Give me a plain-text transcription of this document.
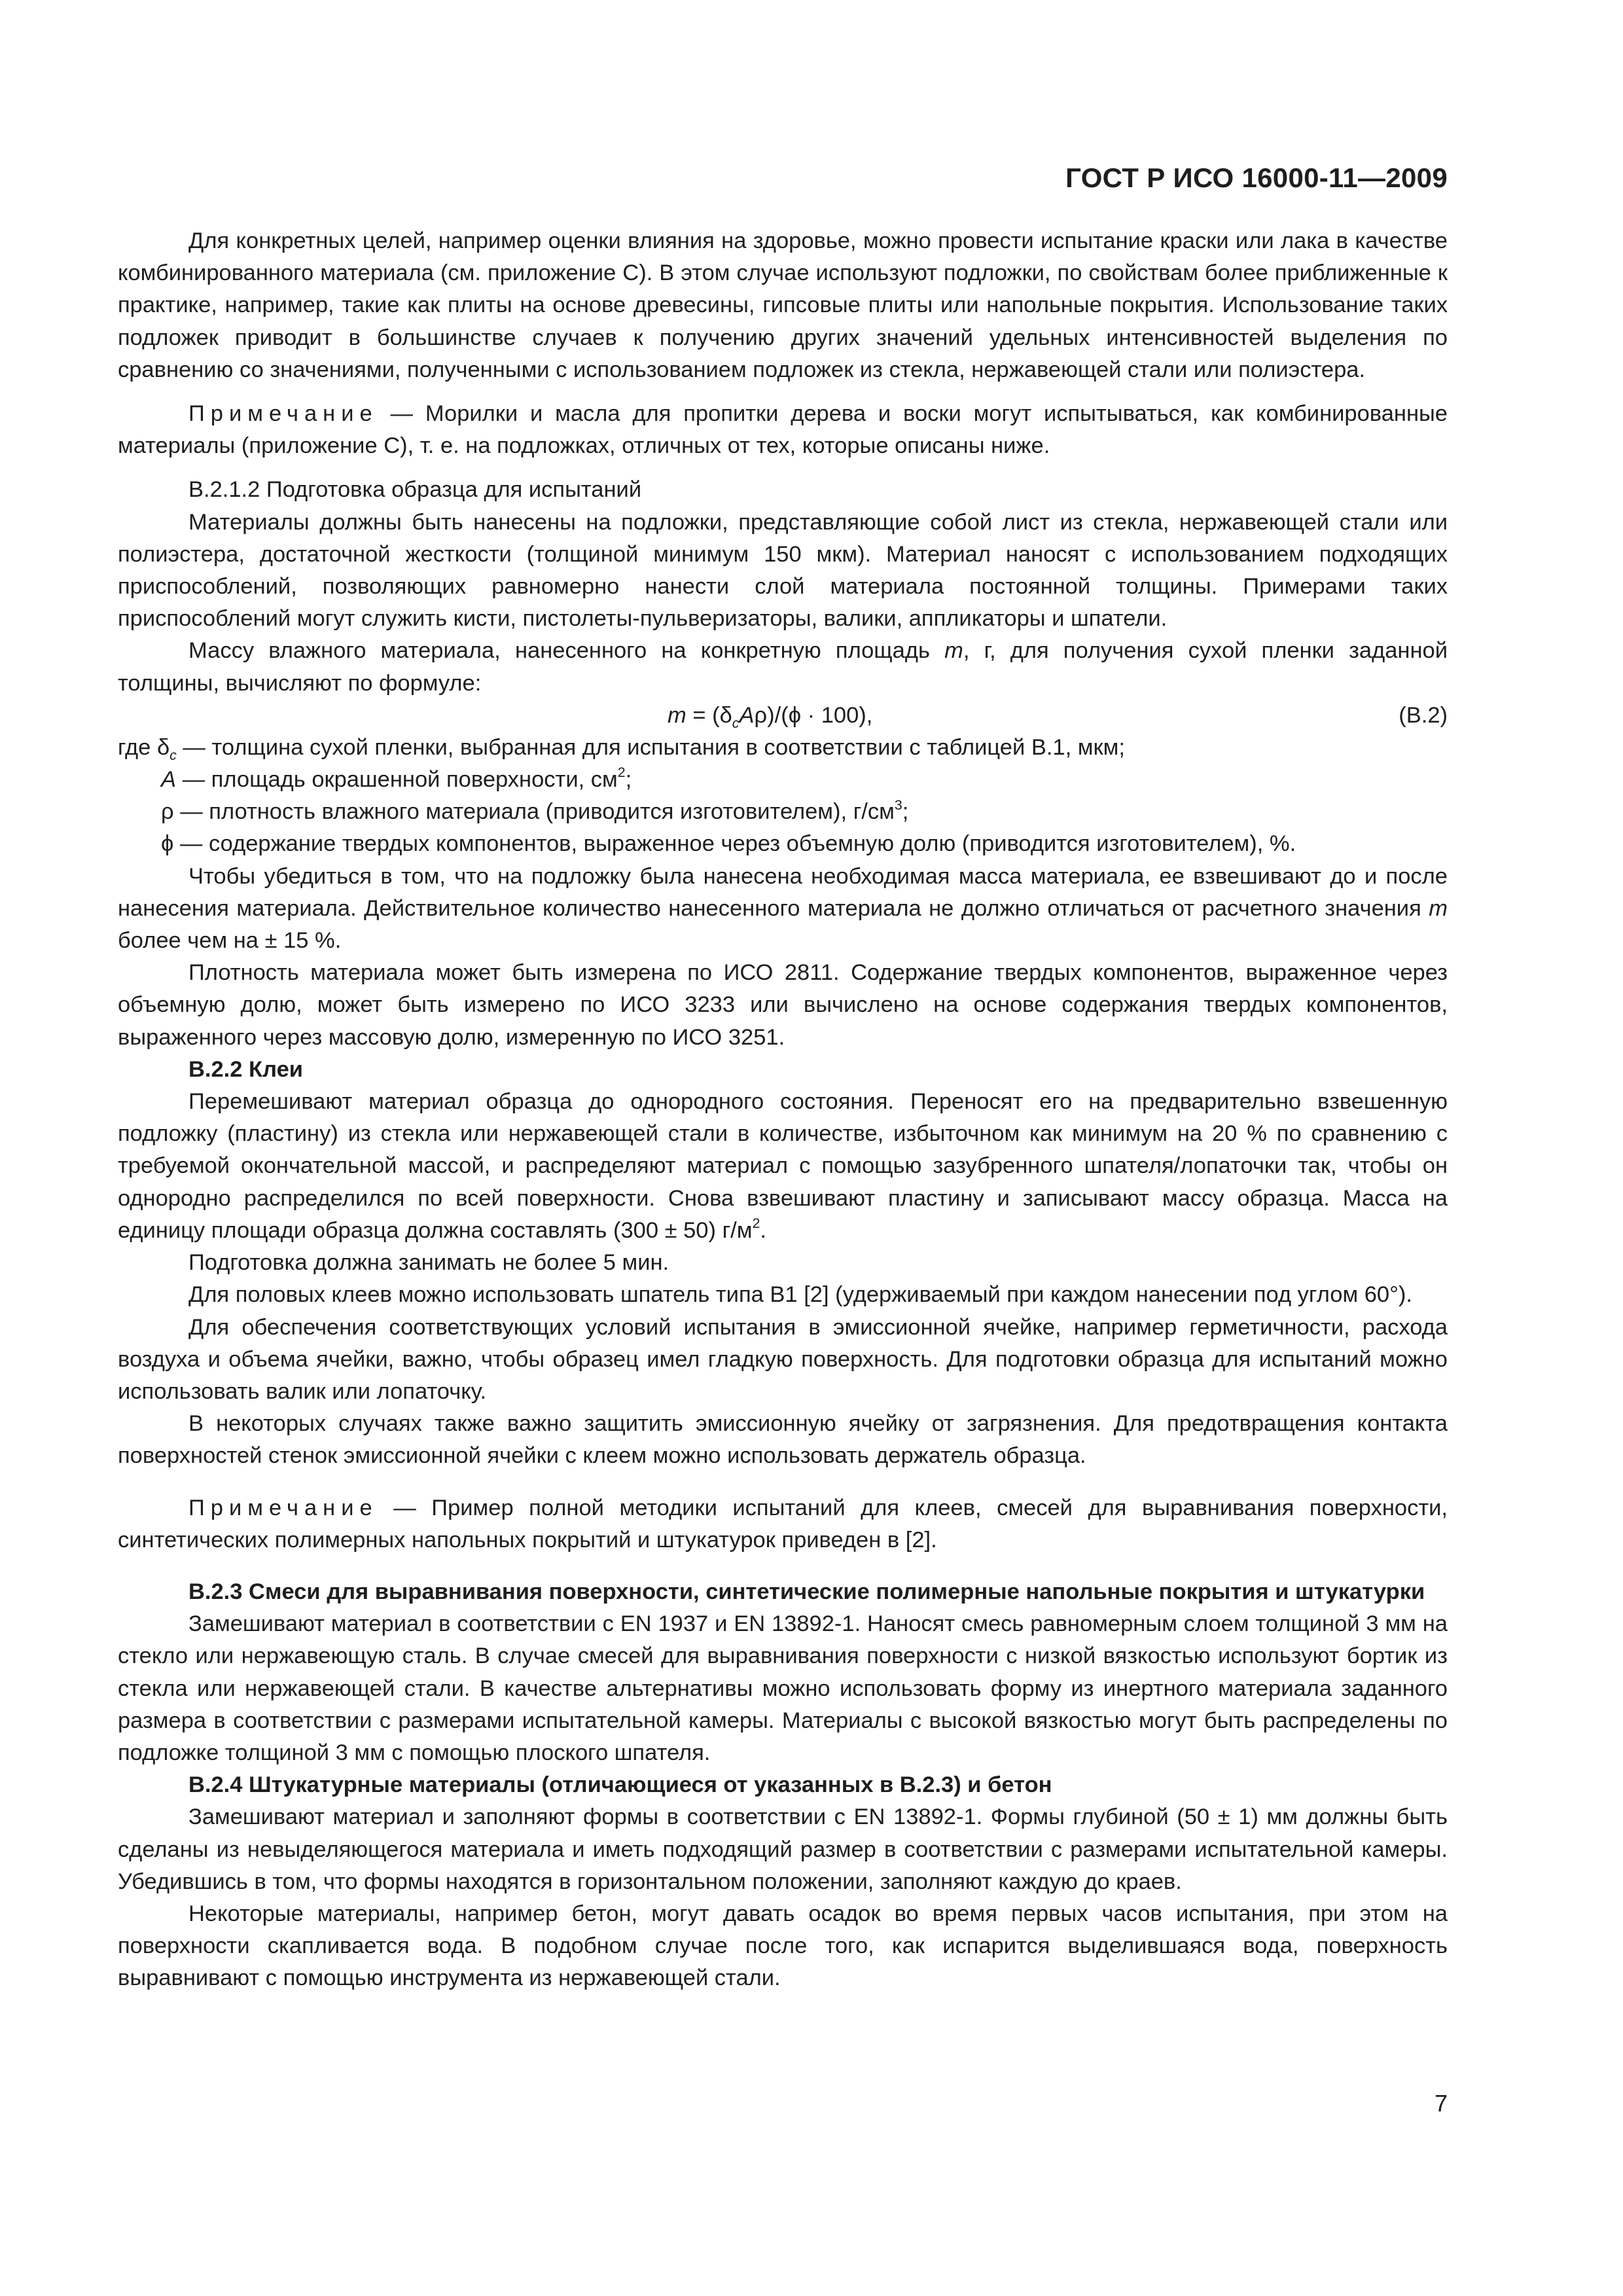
ГОСТ Р ИСО 16000-11—2009

Для конкретных целей, например оценки влияния на здоровье, можно провести испытание краски или лака в качестве комбинированного материала (см. приложение С). В этом случае используют подложки, по свойствам более приближенные к практике, например, такие как плиты на основе древесины, гипсовые плиты или напольные покрытия. Использование таких подложек приводит в большинстве случаев к получению других значений удельных интенсивностей выделения по сравнению со значениями, полученными с использованием подложек из стекла, нержавеющей стали или полиэстера.

Примечание — Морилки и масла для пропитки дерева и воски могут испытываться, как комбинированные материалы (приложение С), т. е. на подложках, отличных от тех, которые описаны ниже.

В.2.1.2 Подготовка образца для испытаний

Материалы должны быть нанесены на подложки, представляющие собой лист из стекла, нержавеющей стали или полиэстера, достаточной жесткости (толщиной минимум 150 мкм). Материал наносят с использованием подходящих приспособлений, позволяющих равномерно нанести слой материала постоянной толщины. Примерами таких приспособлений могут служить кисти, пистолеты-пульверизаторы, валики, аппликаторы и шпатели.

Массу влажного материала, нанесенного на конкретную площадь m, г, для получения сухой пленки заданной толщины, вычисляют по формуле:

$m = (\delta_cA\rho)/(\phi \cdot 100)$,	(В.2)

где $\delta_c$ — толщина сухой пленки, выбранная для испытания в соответствии с таблицей В.1, мкм;

A — площадь окрашенной поверхности, $см^2$;

ρ — плотность влажного материала (приводится изготовителем), $г/см^3$;

ϕ — содержание твердых компонентов, выраженное через объемную долю (приводится изготовителем), %.

Чтобы убедиться в том, что на подложку была нанесена необходимая масса материала, ее взвешивают до и после нанесения материала. Действительное количество нанесенного материала не должно отличаться от расчетного значения m более чем на ± 15 %.

Плотность материала может быть измерена по ИСО 2811. Содержание твердых компонентов, выраженное через объемную долю, может быть измерено по ИСО 3233 или вычислено на основе содержания твердых компонентов, выраженного через массовую долю, измеренную по ИСО 3251.

В.2.2 Клеи

Перемешивают материал образца до однородного состояния. Переносят его на предварительно взвешенную подложку (пластину) из стекла или нержавеющей стали в количестве, избыточном как минимум на 20 % по сравнению с требуемой окончательной массой, и распределяют материал с помощью зазубренного шпателя/лопаточки так, чтобы он однородно распределился по всей поверхности. Снова взвешивают пластину и записывают массу образца. Масса на единицу площади образца должна составлять (300 ± 50) $г/м^2$.

Подготовка должна занимать не более 5 мин.

Для половых клеев можно использовать шпатель типа В1 [2] (удерживаемый при каждом нанесении под углом 60°).

Для обеспечения соответствующих условий испытания в эмиссионной ячейке, например герметичности, расхода воздуха и объема ячейки, важно, чтобы образец имел гладкую поверхность. Для подготовки образца для испытаний можно использовать валик или лопаточку.

В некоторых случаях также важно защитить эмиссионную ячейку от загрязнения. Для предотвращения контакта поверхностей стенок эмиссионной ячейки с клеем можно использовать держатель образца.

Примечание — Пример полной методики испытаний для клеев, смесей для выравнивания поверхности, синтетических полимерных напольных покрытий и штукатурок приведен в [2].

В.2.3 Смеси для выравнивания поверхности, синтетические полимерные напольные покрытия и штукатурки

Замешивают материал в соответствии с EN 1937 и EN 13892-1. Наносят смесь равномерным слоем толщиной 3 мм на стекло или нержавеющую сталь. В случае смесей для выравнивания поверхности с низкой вязкостью используют бортик из стекла или нержавеющей стали. В качестве альтернативы можно использовать форму из инертного материала заданного размера в соответствии с размерами испытательной камеры. Материалы с высокой вязкостью могут быть распределены по подложке толщиной 3 мм с помощью плоского шпателя.

В.2.4 Штукатурные материалы (отличающиеся от указанных в В.2.3) и бетон

Замешивают материал и заполняют формы в соответствии с EN 13892-1. Формы глубиной (50 ± 1) мм должны быть сделаны из невыделяющегося материала и иметь подходящий размер в соответствии с размерами испытательной камеры. Убедившись в том, что формы находятся в горизонтальном положении, заполняют каждую до краев.

Некоторые материалы, например бетон, могут давать осадок во время первых часов испытания, при этом на поверхности скапливается вода. В подобном случае после того, как испарится выделившаяся вода, поверхность выравнивают с помощью инструмента из нержавеющей стали.

7
